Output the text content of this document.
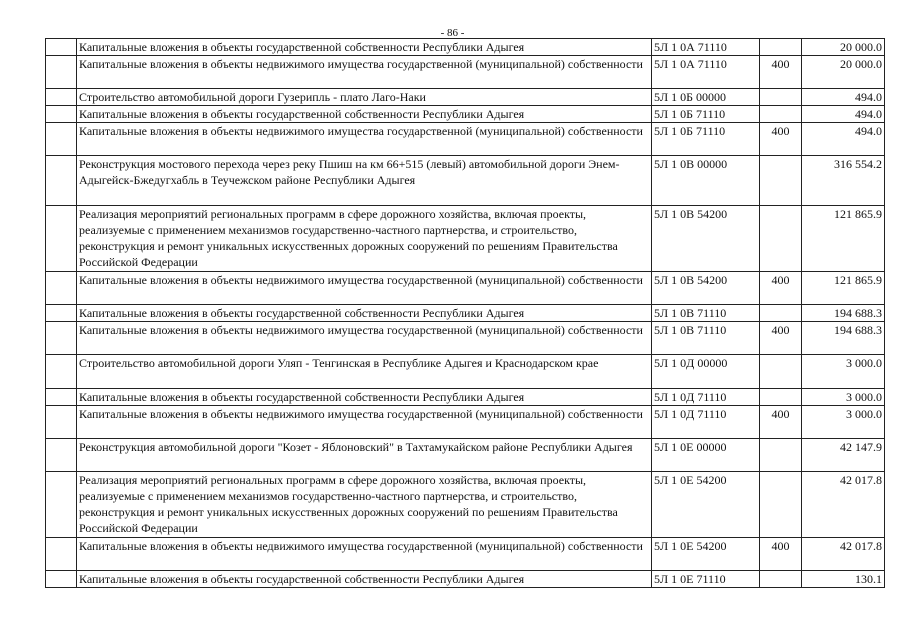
- 86 -
	Капитальные вложения в объекты государственной собственности Республики Адыгея	5Л 1 0А 71110		20 000.0
	Капитальные вложения в объекты недвижимого имущества государственной (муниципальной) собственности	5Л 1 0А 71110	400	20 000.0
	Строительство автомобильной дороги Гузерипль - плато Лаго-Наки	5Л 1 0Б 00000		494.0
	Капитальные вложения в объекты государственной собственности Республики Адыгея	5Л 1 0Б 71110		494.0
	Капитальные вложения в объекты недвижимого имущества государственной (муниципальной) собственности	5Л 1 0Б 71110	400	494.0
	Реконструкция мостового перехода через реку Пшиш на км 66+515 (левый) автомобильной дороги Энем-Адыгейск-Бжедугхабль в Теучежском районе Республики Адыгея	5Л 1 0В 00000		316 554.2
	Реализация мероприятий региональных программ в сфере дорожного хозяйства, включая проекты, реализуемые с применением механизмов государственно-частного партнерства, и строительство, реконструкция и ремонт уникальных искусственных дорожных сооружений по решениям Правительства Российской Федерации	5Л 1 0В 54200		121 865.9
	Капитальные вложения в объекты недвижимого имущества государственной (муниципальной) собственности	5Л 1 0В 54200	400	121 865.9
	Капитальные вложения в объекты государственной собственности Республики Адыгея	5Л 1 0В 71110		194 688.3
	Капитальные вложения в объекты недвижимого имущества государственной (муниципальной) собственности	5Л 1 0В 71110	400	194 688.3
	Строительство автомобильной дороги Уляп - Тенгинская в Республике Адыгея и Краснодарском крае	5Л 1 0Д 00000		3 000.0
	Капитальные вложения в объекты государственной собственности Республики Адыгея	5Л 1 0Д 71110		3 000.0
	Капитальные вложения в объекты недвижимого имущества государственной (муниципальной) собственности	5Л 1 0Д 71110	400	3 000.0
	Реконструкция автомобильной дороги "Козет - Яблоновский" в Тахтамукайском районе Республики Адыгея	5Л 1 0Е 00000		42 147.9
	Реализация мероприятий региональных программ в сфере дорожного хозяйства, включая проекты, реализуемые с применением механизмов государственно-частного партнерства, и строительство, реконструкция и ремонт уникальных искусственных дорожных сооружений по решениям Правительства Российской Федерации	5Л 1 0Е 54200		42 017.8
	Капитальные вложения в объекты недвижимого имущества государственной (муниципальной) собственности	5Л 1 0Е 54200	400	42 017.8
	Капитальные вложения в объекты государственной собственности Республики Адыгея	5Л 1 0Е 71110		130.1
